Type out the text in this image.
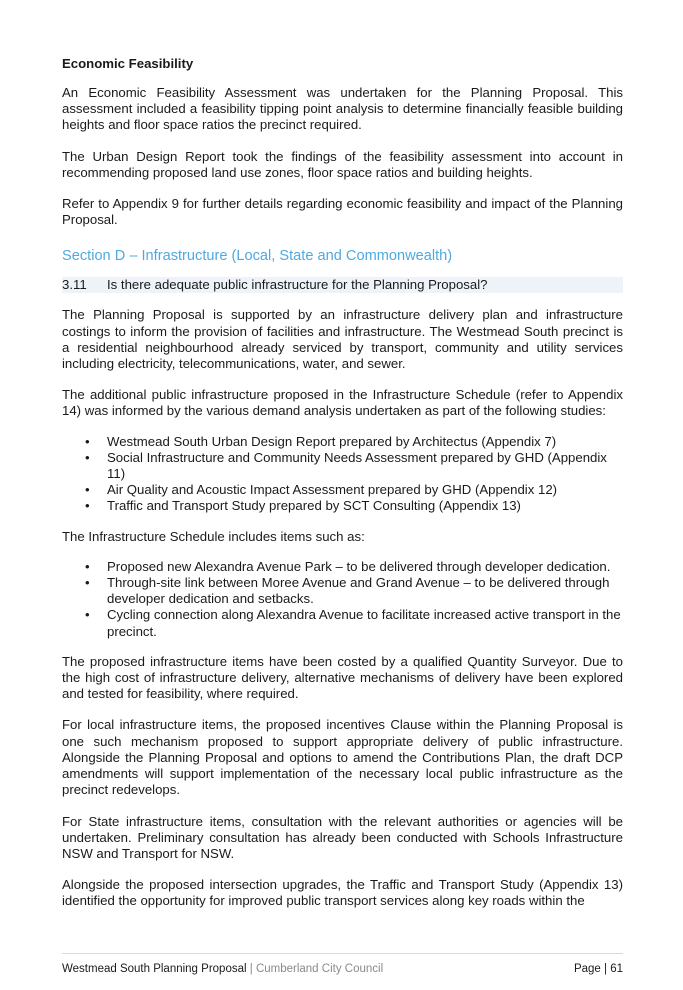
Economic Feasibility

An Economic Feasibility Assessment was undertaken for the Planning Proposal. This assessment included a feasibility tipping point analysis to determine financially feasible building heights and floor space ratios the precinct required.

The Urban Design Report took the findings of the feasibility assessment into account in recommending proposed land use zones, floor space ratios and building heights.

Refer to Appendix 9 for further details regarding economic feasibility and impact of the Planning Proposal.

Section D – Infrastructure (Local, State and Commonwealth)
3.11	Is there adequate public infrastructure for the Planning Proposal?

The Planning Proposal is supported by an infrastructure delivery plan and infrastructure costings to inform the provision of facilities and infrastructure. The Westmead South precinct is a residential neighbourhood already serviced by transport, community and utility services including electricity, telecommunications, water, and sewer.

The additional public infrastructure proposed in the Infrastructure Schedule (refer to Appendix 14) was informed by the various demand analysis undertaken as part of the following studies:

• Westmead South Urban Design Report prepared by Architectus (Appendix 7)
• Social Infrastructure and Community Needs Assessment prepared by GHD (Appendix 11)
• Air Quality and Acoustic Impact Assessment prepared by GHD (Appendix 12)
• Traffic and Transport Study prepared by SCT Consulting (Appendix 13)

The Infrastructure Schedule includes items such as:

• Proposed new Alexandra Avenue Park – to be delivered through developer dedication.
• Through-site link between Moree Avenue and Grand Avenue – to be delivered through developer dedication and setbacks.
• Cycling connection along Alexandra Avenue to facilitate increased active transport in the precinct.

The proposed infrastructure items have been costed by a qualified Quantity Surveyor. Due to the high cost of infrastructure delivery, alternative mechanisms of delivery have been explored and tested for feasibility, where required.

For local infrastructure items, the proposed incentives Clause within the Planning Proposal is one such mechanism proposed to support appropriate delivery of public infrastructure. Alongside the Planning Proposal and options to amend the Contributions Plan, the draft DCP amendments will support implementation of the necessary local public infrastructure as the precinct redevelops.

For State infrastructure items, consultation with the relevant authorities or agencies will be undertaken. Preliminary consultation has already been conducted with Schools Infrastructure NSW and Transport for NSW.

Alongside the proposed intersection upgrades, the Traffic and Transport Study (Appendix 13) identified the opportunity for improved public transport services along key roads within the

Westmead South Planning Proposal | Cumberland City Council	Page | 61
